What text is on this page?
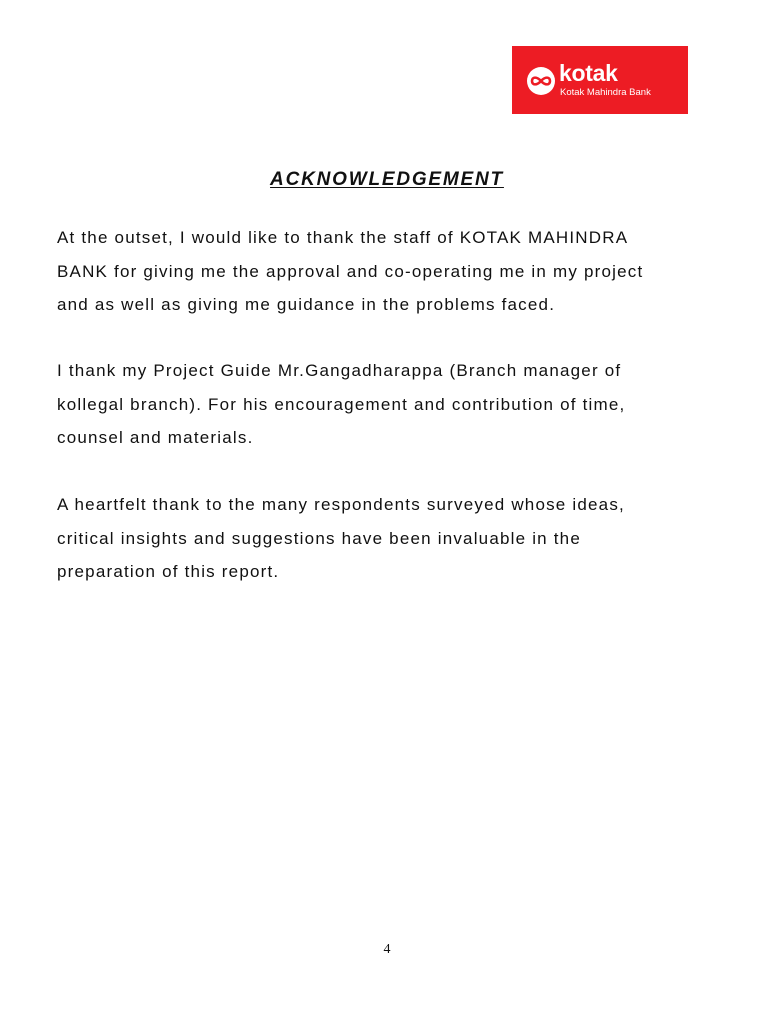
kotak
Kotak Mahindra Bank
ACKNOWLEDGEMENT

At the outset, I would like to thank the staff of KOTAK MAHINDRA
BANK for giving me the approval and co-operating me in my project
and as well as giving me guidance in the problems faced.

I thank my Project Guide Mr.Gangadharappa (Branch manager of
kollegal branch). For his encouragement and contribution of time,
counsel and materials.

A heartfelt thank to the many respondents surveyed whose ideas,
critical insights and suggestions have been invaluable in the
preparation of this report.

4
